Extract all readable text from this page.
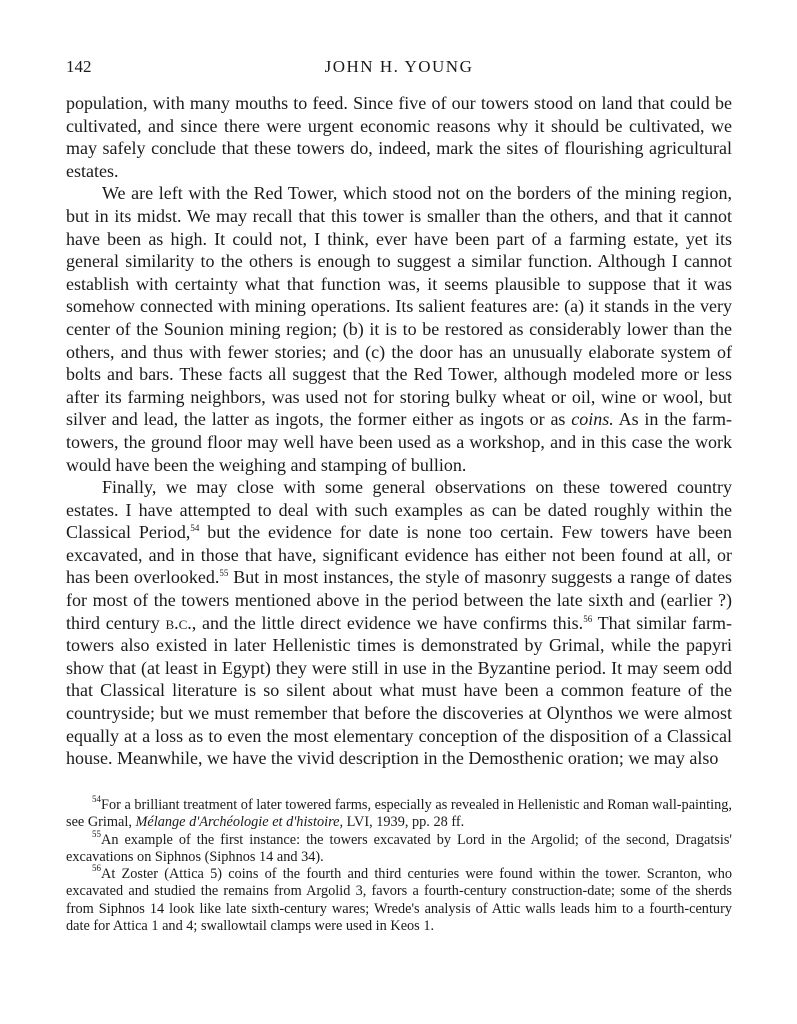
142	JOHN H. YOUNG

population, with many mouths to feed. Since five of our towers stood on land that could be cultivated, and since there were urgent economic reasons why it should be cultivated, we may safely conclude that these towers do, indeed, mark the sites of flourishing agricultural estates.

We are left with the Red Tower, which stood not on the borders of the mining region, but in its midst. We may recall that this tower is smaller than the others, and that it cannot have been as high. It could not, I think, ever have been part of a farming estate, yet its general similarity to the others is enough to suggest a similar function. Although I cannot establish with certainty what that function was, it seems plausible to suppose that it was somehow connected with mining operations. Its salient features are: (a) it stands in the very center of the Sounion mining region; (b) it is to be restored as considerably lower than the others, and thus with fewer stories; and (c) the door has an unusually elaborate system of bolts and bars. These facts all suggest that the Red Tower, although modeled more or less after its farming neighbors, was used not for storing bulky wheat or oil, wine or wool, but silver and lead, the latter as ingots, the former either as ingots or as coins. As in the farm-towers, the ground floor may well have been used as a workshop, and in this case the work would have been the weighing and stamping of bullion.

Finally, we may close with some general observations on these towered country estates. I have attempted to deal with such examples as can be dated roughly within the Classical Period,$^{54}$ but the evidence for date is none too certain. Few towers have been excavated, and in those that have, significant evidence has either not been found at all, or has been overlooked.$^{55}$ But in most instances, the style of masonry suggests a range of dates for most of the towers mentioned above in the period between the late sixth and (earlier ?) third century b.c., and the little direct evidence we have confirms this.$^{56}$ That similar farm-towers also existed in later Hellenistic times is demonstrated by Grimal, while the papyri show that (at least in Egypt) they were still in use in the Byzantine period. It may seem odd that Classical literature is so silent about what must have been a common feature of the countryside; but we must remember that before the discoveries at Olynthos we were almost equally at a loss as to even the most elementary conception of the disposition of a Classical house. Meanwhile, we have the vivid description in the Demosthenic oration; we may also

$^{54}$For a brilliant treatment of later towered farms, especially as revealed in Hellenistic and Roman wall-painting, see Grimal, Mélange d'Archéologie et d'histoire, LVI, 1939, pp. 28 ff.

$^{55}$An example of the first instance: the towers excavated by Lord in the Argolid; of the second, Dragatsis' excavations on Siphnos (Siphnos 14 and 34).

$^{56}$At Zoster (Attica 5) coins of the fourth and third centuries were found within the tower. Scranton, who excavated and studied the remains from Argolid 3, favors a fourth-century construction-date; some of the sherds from Siphnos 14 look like late sixth-century wares; Wrede's analysis of Attic walls leads him to a fourth-century date for Attica 1 and 4; swallowtail clamps were used in Keos 1.
